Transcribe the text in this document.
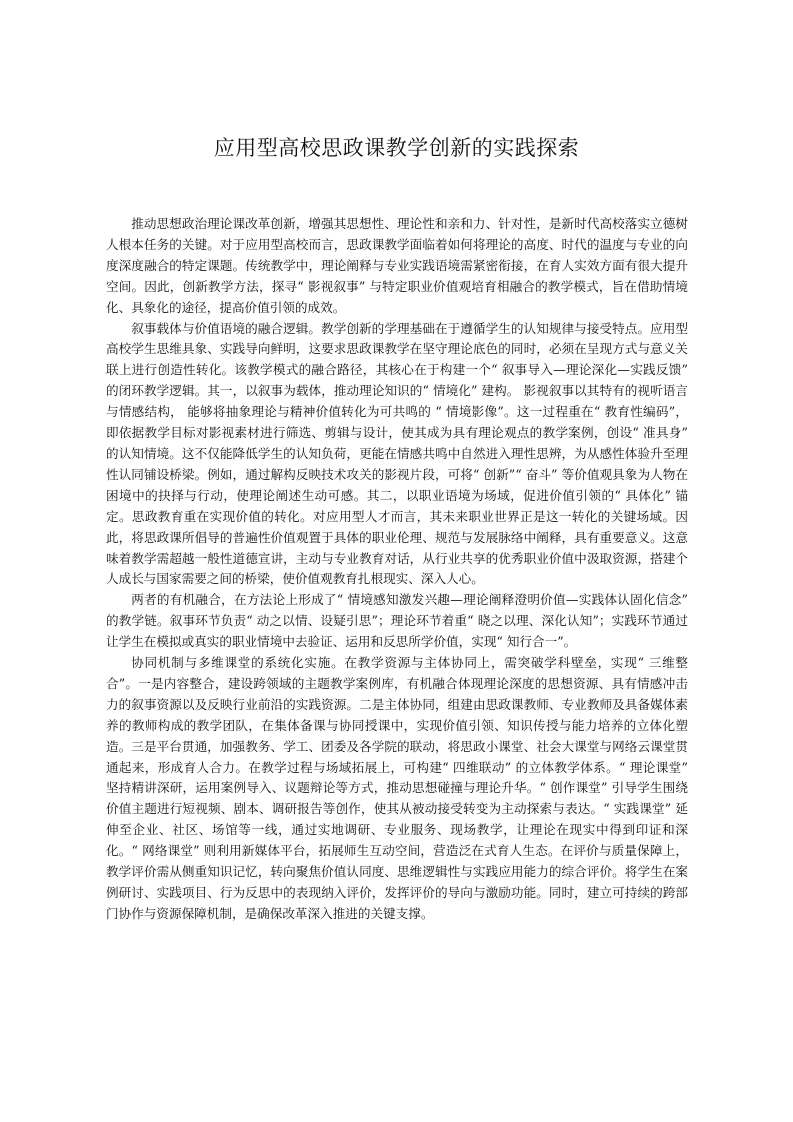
应用型高校思政课教学创新的实践探索

推动思想政治理论课改革创新，增强其思想性、理论性和亲和力、针对性，是新时代高校落实立德树人根本任务的关键。对于应用型高校而言，思政课教学面临着如何将理论的高度、时代的温度与专业的向度深度融合的特定课题。传统教学中，理论阐释与专业实践语境需紧密衔接，在育人实效方面有很大提升空间。因此，创新教学方法，探寻“ 影视叙事” 与特定职业价值观培育相融合的教学模式，旨在借助情境化、具象化的途径，提高价值引领的成效。

叙事载体与价值语境的融合逻辑。教学创新的学理基础在于遵循学生的认知规律与接受特点。应用型高校学生思维具象、实践导向鲜明，这要求思政课教学在坚守理论底色的同时，必须在呈现方式与意义关联上进行创造性转化。该教学模式的融合路径，其核心在于构建一个“ 叙事导入—理论深化—实践反馈” 的闭环教学逻辑。其一，以叙事为载体，推动理论知识的“ 情境化” 建构。 影视叙事以其特有的视听语言与情感结构， 能够将抽象理论与精神价值转化为可共鸣的 “ 情境影像”。这一过程重在“ 教育性编码”，即依据教学目标对影视素材进行筛选、剪辑与设计，使其成为具有理论观点的教学案例，创设“ 准具身” 的认知情境。这不仅能降低学生的认知负荷，更能在情感共鸣中自然进入理性思辨，为从感性体验升至理性认同铺设桥梁。例如，通过解构反映技术攻关的影视片段，可将“ 创新”“ 奋斗” 等价值观具象为人物在困境中的抉择与行动，使理论阐述生动可感。其二，以职业语境为场域，促进价值引领的“ 具体化” 锚定。思政教育重在实现价值的转化。对应用型人才而言，其未来职业世界正是这一转化的关键场域。因此，将思政课所倡导的普遍性价值观置于具体的职业伦理、规范与发展脉络中阐释，具有重要意义。这意味着教学需超越一般性道德宣讲，主动与专业教育对话，从行业共享的优秀职业价值中汲取资源，搭建个人成长与国家需要之间的桥梁，使价值观教育扎根现实、深入人心。

两者的有机融合，在方法论上形成了“ 情境感知激发兴趣—理论阐释澄明价值—实践体认固化信念” 的教学链。叙事环节负责“ 动之以情、设疑引思”；理论环节着重“ 晓之以理、深化认知”；实践环节通过让学生在模拟或真实的职业情境中去验证、运用和反思所学价值，实现“ 知行合一”。

协同机制与多维课堂的系统化实施。在教学资源与主体协同上，需突破学科壁垒，实现“ 三维整合”。一是内容整合，建设跨领域的主题教学案例库，有机融合体现理论深度的思想资源、具有情感冲击力的叙事资源以及反映行业前沿的实践资源。二是主体协同，组建由思政课教师、专业教师及具备媒体素养的教师构成的教学团队，在集体备课与协同授课中，实现价值引领、知识传授与能力培养的立体化塑造。三是平台贯通，加强教务、学工、团委及各学院的联动，将思政小课堂、社会大课堂与网络云课堂贯通起来，形成育人合力。在教学过程与场域拓展上，可构建“ 四维联动” 的立体教学体系。“ 理论课堂” 坚持精讲深研，运用案例导入、议题辩论等方式，推动思想碰撞与理论升华。“ 创作课堂” 引导学生围绕价值主题进行短视频、剧本、调研报告等创作，使其从被动接受转变为主动探索与表达。“ 实践课堂” 延伸至企业、社区、场馆等一线，通过实地调研、专业服务、现场教学，让理论在现实中得到印证和深化。“ 网络课堂” 则利用新媒体平台，拓展师生互动空间，营造泛在式育人生态。在评价与质量保障上，教学评价需从侧重知识记忆，转向聚焦价值认同度、思维逻辑性与实践应用能力的综合评价。将学生在案例研讨、实践项目、行为反思中的表现纳入评价，发挥评价的导向与激励功能。同时，建立可持续的跨部门协作与资源保障机制，是确保改革深入推进的关键支撑。
